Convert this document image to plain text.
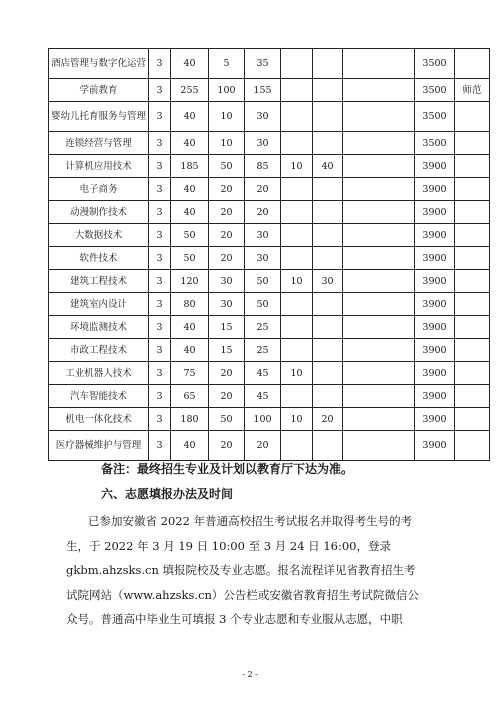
酒店管理与数字化运营	3	40	5	35				3500	
学前教育	3	255	100	155				3500	师范
婴幼儿托育服务与管理	3	40	10	30				3500	
连锁经营与管理	3	40	10	30				3500	
计算机应用技术	3	185	50	85	10	40		3900	
电子商务	3	40	20	20				3900	
动漫制作技术	3	40	20	20				3900	
大数据技术	3	50	20	30				3900	
软件技术	3	50	20	30				3900	
建筑工程技术	3	120	30	50	10	30		3900	
建筑室内设计	3	80	30	50				3900	
环境监测技术	3	40	15	25				3900	
市政工程技术	3	40	15	25				3900	
工业机器人技术	3	75	20	45	10			3900	
汽车智能技术	3	65	20	45				3900	
机电一体化技术	3	180	50	100	10	20		3900	
医疗器械维护与管理	3	40	20	20				3900	
备注：最终招生专业及计划以教育厅下达为准。
六、志愿填报办法及时间
已参加安徽省 2022 年普通高校招生考试报名并取得考生号的考
生，于 2022 年 3 月 19 日 10:00 至 3 月 24 日 16:00，登录
gkbm.ahzsks.cn 填报院校及专业志愿。报名流程详见省教育招生考
试院网站（www.ahzsks.cn）公告栏或安徽省教育招生考试院微信公
众号。普通高中毕业生可填报 3 个专业志愿和专业服从志愿，中职
- 2 -
